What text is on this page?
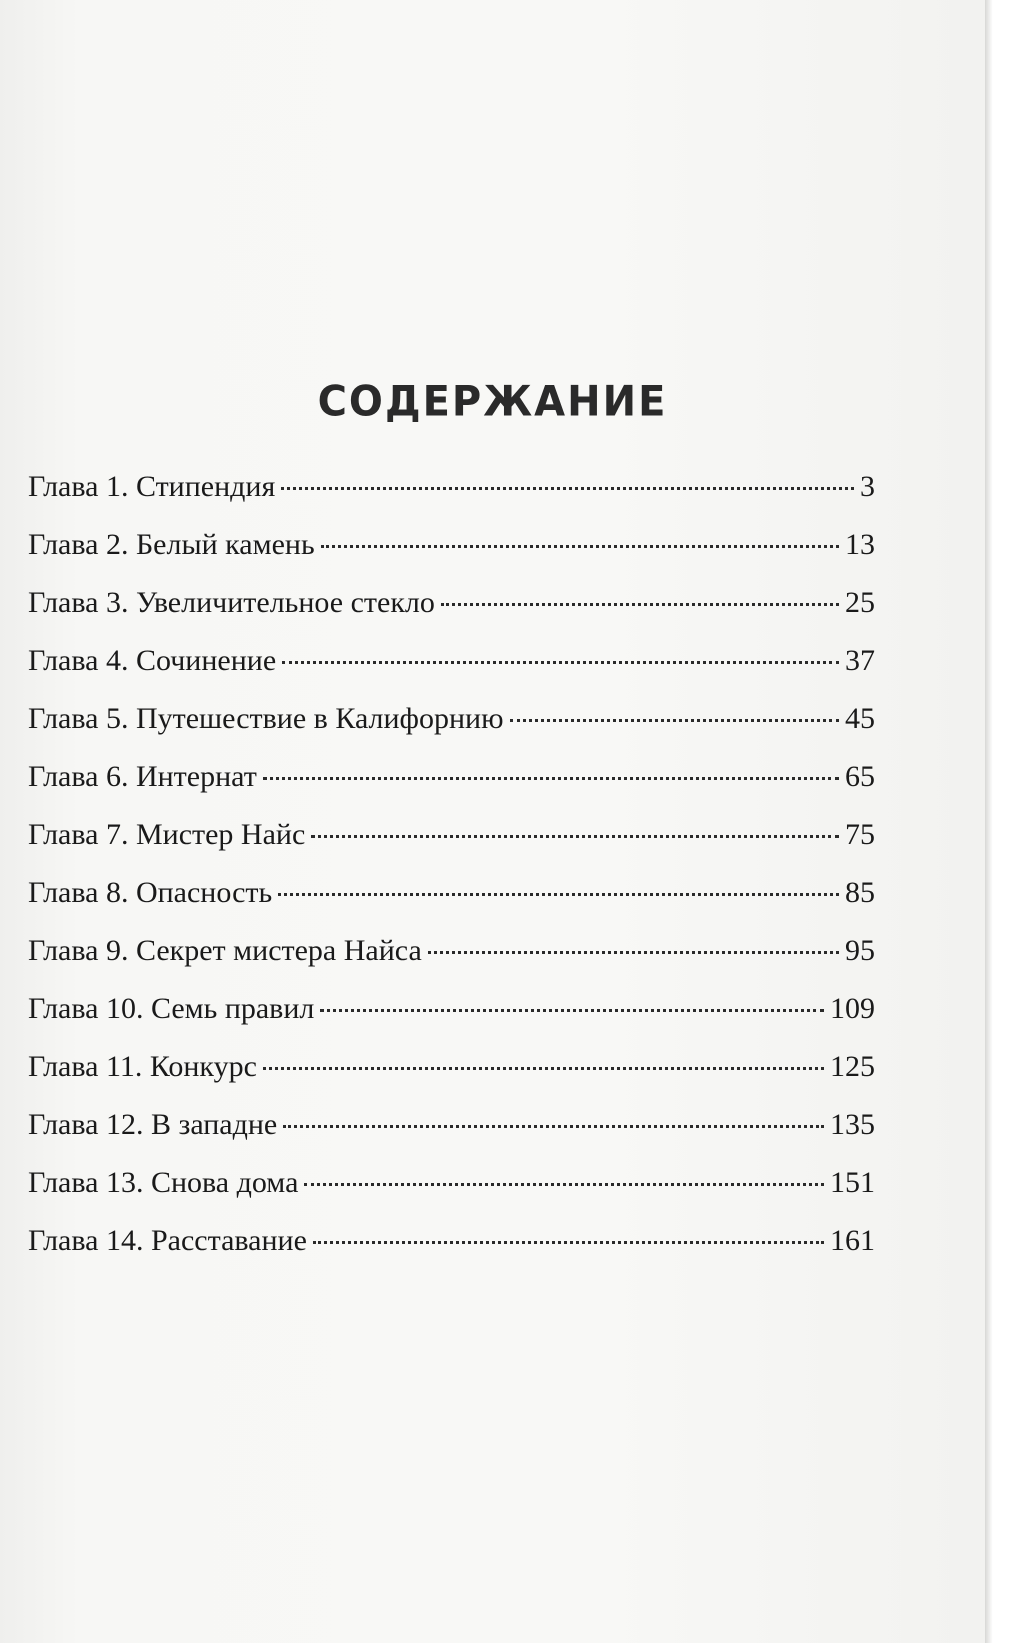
СОДЕРЖАНИЕ
Глава 1. Стипендия	3
Глава 2. Белый камень	13
Глава 3. Увеличительное стекло	25
Глава 4. Сочинение	37
Глава 5. Путешествие в Калифорнию	45
Глава 6. Интернат	65
Глава 7. Мистер Найс	75
Глава 8. Опасность	85
Глава 9. Секрет мистера Найса	95
Глава 10. Семь правил	109
Глава 11. Конкурс	125
Глава 12. В западне	135
Глава 13. Снова дома	151
Глава 14. Расставание	161
